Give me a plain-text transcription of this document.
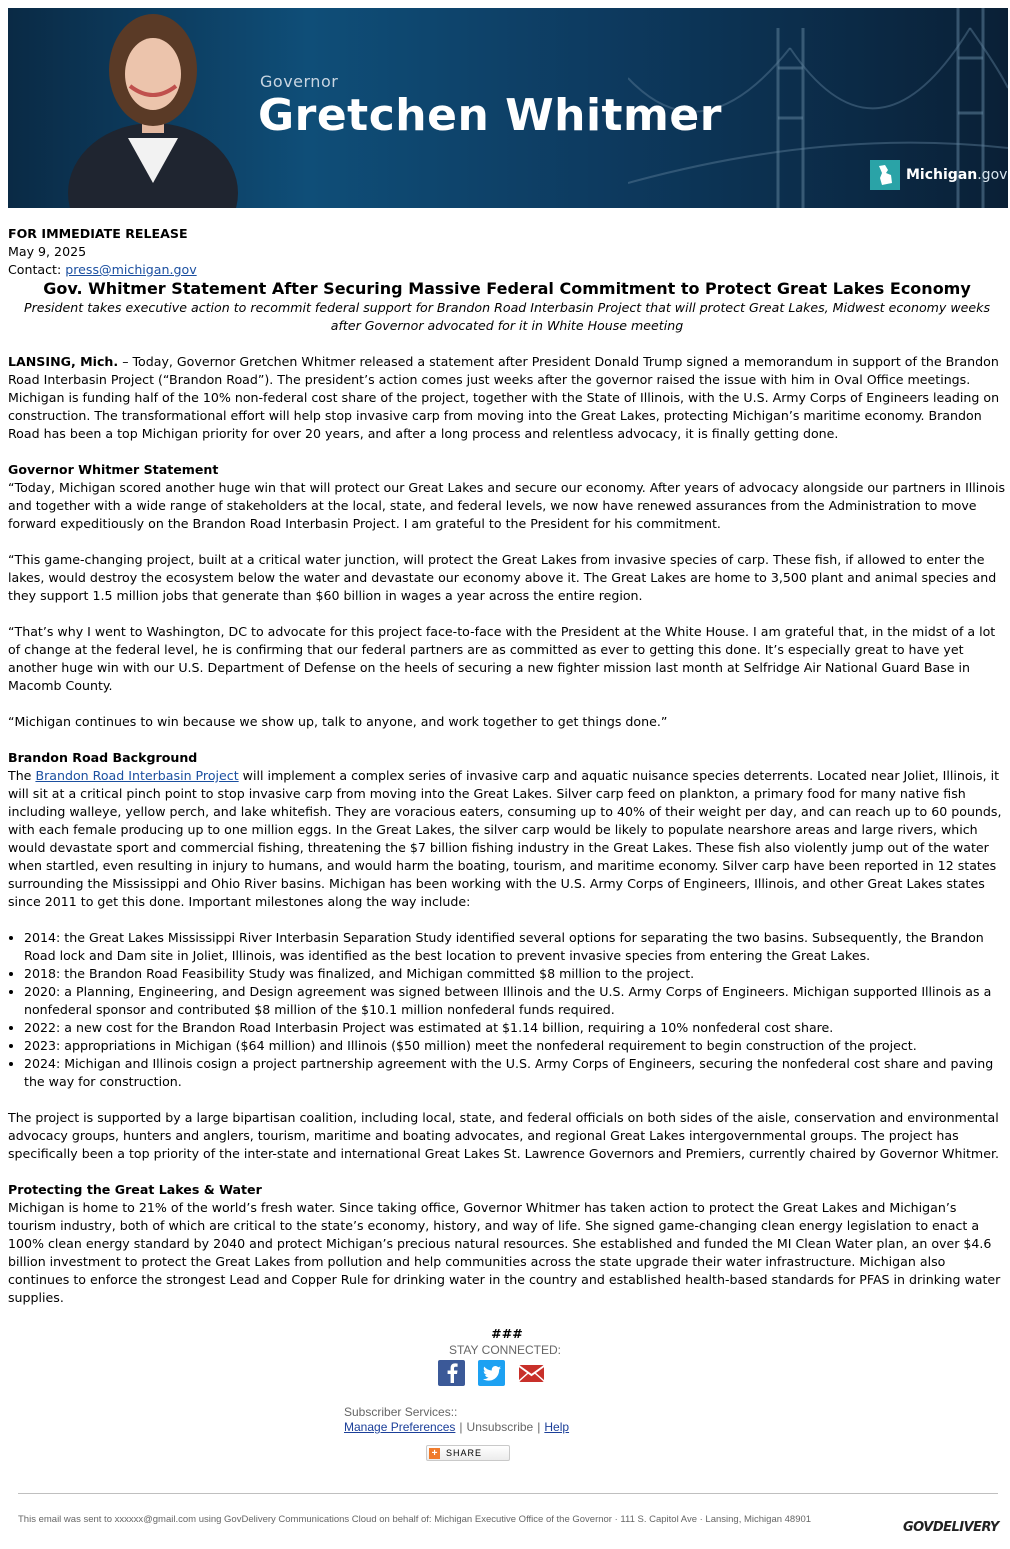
Governor
Gretchen Whitmer
Michigan.gov

FOR IMMEDIATE RELEASE

May 9, 2025

Contact: press@michigan.gov

Gov. Whitmer Statement After Securing Massive Federal Commitment to Protect Great Lakes Economy

President takes executive action to recommit federal support for Brandon Road Interbasin Project that will protect Great Lakes, Midwest economy weeks after Governor advocated for it in White House meeting

LANSING, Mich. – Today, Governor Gretchen Whitmer released a statement after President Donald Trump signed a memorandum in support of the Brandon Road Interbasin Project (“Brandon Road”). The president’s action comes just weeks after the governor raised the issue with him in Oval Office meetings. Michigan is funding half of the 10% non-federal cost share of the project, together with the State of Illinois, with the U.S. Army Corps of Engineers leading on construction. The transformational effort will help stop invasive carp from moving into the Great Lakes, protecting Michigan’s maritime economy. Brandon Road has been a top Michigan priority for over 20 years, and after a long process and relentless advocacy, it is finally getting done.

Governor Whitmer Statement

“Today, Michigan scored another huge win that will protect our Great Lakes and secure our economy. After years of advocacy alongside our partners in Illinois and together with a wide range of stakeholders at the local, state, and federal levels, we now have renewed assurances from the Administration to move forward expeditiously on the Brandon Road Interbasin Project. I am grateful to the President for his commitment.

“This game-changing project, built at a critical water junction, will protect the Great Lakes from invasive species of carp. These fish, if allowed to enter the lakes, would destroy the ecosystem below the water and devastate our economy above it. The Great Lakes are home to 3,500 plant and animal species and they support 1.5 million jobs that generate than $60 billion in wages a year across the entire region.

“That’s why I went to Washington, DC to advocate for this project face-to-face with the President at the White House. I am grateful that, in the midst of a lot of change at the federal level, he is confirming that our federal partners are as committed as ever to getting this done. It’s especially great to have yet another huge win with our U.S. Department of Defense on the heels of securing a new fighter mission last month at Selfridge Air National Guard Base in Macomb County.

“Michigan continues to win because we show up, talk to anyone, and work together to get things done.”

Brandon Road Background

The Brandon Road Interbasin Project will implement a complex series of invasive carp and aquatic nuisance species deterrents. Located near Joliet, Illinois, it will sit at a critical pinch point to stop invasive carp from moving into the Great Lakes. Silver carp feed on plankton, a primary food for many native fish including walleye, yellow perch, and lake whitefish. They are voracious eaters, consuming up to 40% of their weight per day, and can reach up to 60 pounds, with each female producing up to one million eggs. In the Great Lakes, the silver carp would be likely to populate nearshore areas and large rivers, which would devastate sport and commercial fishing, threatening the $7 billion fishing industry in the Great Lakes. These fish also violently jump out of the water when startled, even resulting in injury to humans, and would harm the boating, tourism, and maritime economy. Silver carp have been reported in 12 states surrounding the Mississippi and Ohio River basins. Michigan has been working with the U.S. Army Corps of Engineers, Illinois, and other Great Lakes states since 2011 to get this done. Important milestones along the way include:

• 2014: the Great Lakes Mississippi River Interbasin Separation Study identified several options for separating the two basins. Subsequently, the Brandon Road lock and Dam site in Joliet, Illinois, was identified as the best location to prevent invasive species from entering the Great Lakes.
• 2018: the Brandon Road Feasibility Study was finalized, and Michigan committed $8 million to the project.
• 2020: a Planning, Engineering, and Design agreement was signed between Illinois and the U.S. Army Corps of Engineers. Michigan supported Illinois as a nonfederal sponsor and contributed $8 million of the $10.1 million nonfederal funds required.
• 2022: a new cost for the Brandon Road Interbasin Project was estimated at $1.14 billion, requiring a 10% nonfederal cost share.
• 2023: appropriations in Michigan ($64 million) and Illinois ($50 million) meet the nonfederal requirement to begin construction of the project.
• 2024: Michigan and Illinois cosign a project partnership agreement with the U.S. Army Corps of Engineers, securing the nonfederal cost share and paving the way for construction.

The project is supported by a large bipartisan coalition, including local, state, and federal officials on both sides of the aisle, conservation and environmental advocacy groups, hunters and anglers, tourism, maritime and boating advocates, and regional Great Lakes intergovernmental groups. The project has specifically been a top priority of the inter-state and international Great Lakes St. Lawrence Governors and Premiers, currently chaired by Governor Whitmer.

Protecting the Great Lakes & Water

Michigan is home to 21% of the world’s fresh water. Since taking office, Governor Whitmer has taken action to protect the Great Lakes and Michigan’s tourism industry, both of which are critical to the state’s economy, history, and way of life. She signed game-changing clean energy legislation to enact a 100% clean energy standard by 2040 and protect Michigan’s precious natural resources. She established and funded the MI Clean Water plan, an over $4.6 billion investment to protect the Great Lakes from pollution and help communities across the state upgrade their water infrastructure. Michigan also continues to enforce the strongest Lead and Copper Rule for drinking water in the country and established health-based standards for PFAS in drinking water supplies.

###

STAY CONNECTED:
Subscriber Services::
Manage Preferences | Unsubscribe | Help
+ SHARE
This email was sent to xxxxxx@gmail.com using GovDelivery Communications Cloud on behalf of: Michigan Executive Office of the Governor · 111 S. Capitol Ave · Lansing, Michigan 48901
GOVDELIVERY
